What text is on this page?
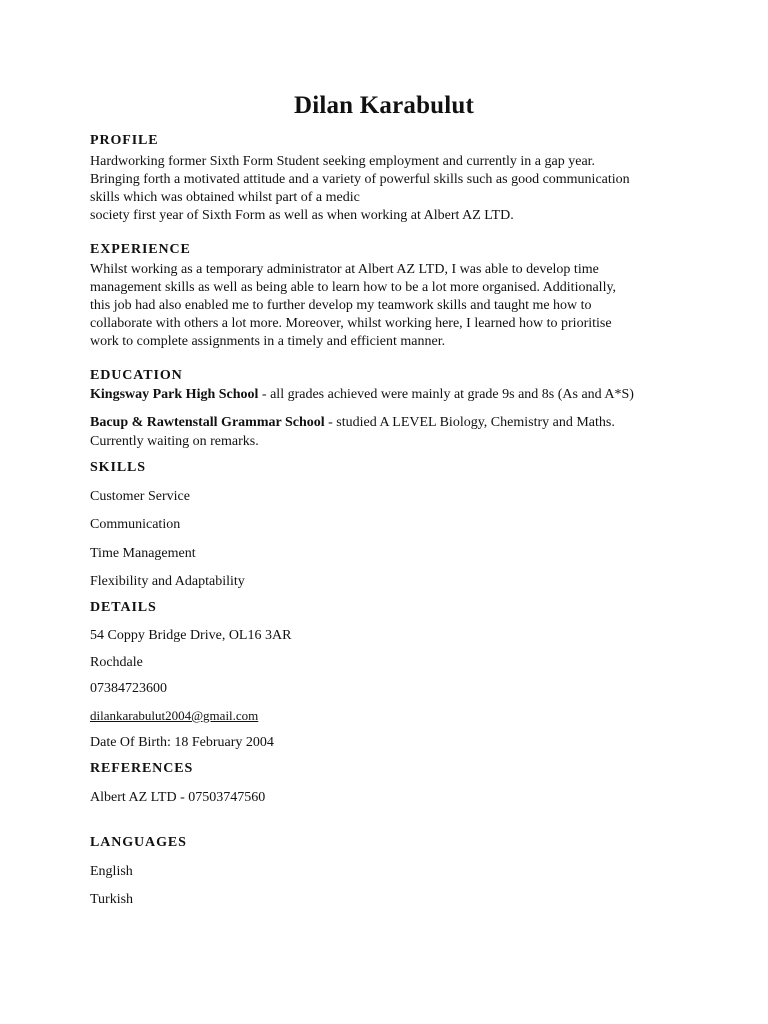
Dilan Karabulut
PROFILE
Hardworking former Sixth Form Student seeking employment and currently in a gap year.
Bringing forth a motivated attitude and a variety of powerful skills such as good communication
skills which was obtained whilst part of a medic
society first year of Sixth Form as well as when working at Albert AZ LTD.
EXPERIENCE
Whilst working as a temporary administrator at Albert AZ LTD, I was able to develop time
management skills as well as being able to learn how to be a lot more organised. Additionally,
this job had also enabled me to further develop my teamwork skills and taught me how to
collaborate with others a lot more. Moreover, whilst working here, I learned how to prioritise
work to complete assignments in a timely and efficient manner.
EDUCATION
Kingsway Park High School - all grades achieved were mainly at grade 9s and 8s (As and A*S)
Bacup & Rawtenstall Grammar School - studied A LEVEL Biology, Chemistry and Maths.
Currently waiting on remarks.
SKILLS
Customer Service
Communication
Time Management
Flexibility and Adaptability
DETAILS
54 Coppy Bridge Drive, OL16 3AR
Rochdale
07384723600
dilankarabulut2004@gmail.com
Date Of Birth: 18 February 2004
REFERENCES
Albert AZ LTD - 07503747560
LANGUAGES
English
Turkish
